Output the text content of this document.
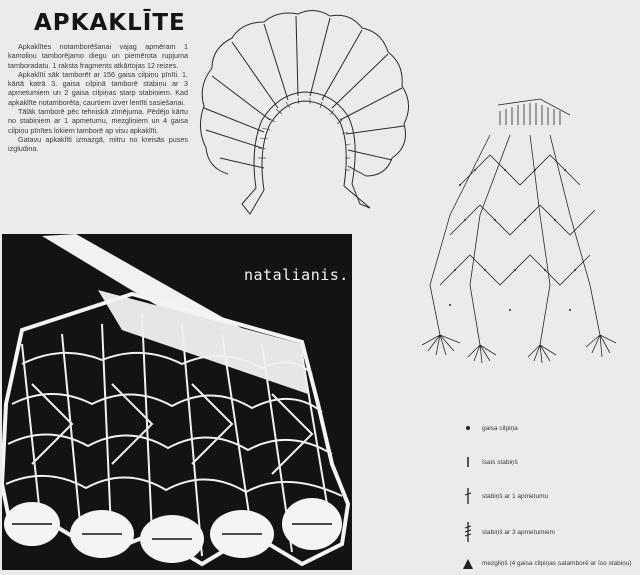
APKAKLĪTE

Apkaklītes notamborēšanai vajag apmēram 1 kamoliņu tamborējamo diegu un piemērota rupjuma tamboradatu. 1 raksta fragments atkārtojas 12 reizes.

Apkaklīti sāk tamborēt ar 156 gaisa cilpiņu pīnīti. 1. kārtā katrā 3. gaisa cilpiņā tamborē stabiņu ar 3 apmetumiem un 2 gaisa cilpiņas starp stabiņiem. Kad apkaklīte notamborēta, caurtiem izver lentīti sasiešanai.

Tālāk tamborē pēc tehniskā zīmējuma. Pēdējo kārtu no stabiņiem ar 1 apmetumu, mezgliņiem un 4 gaisa cilpiņu pīnītes lokiem tamborē ap visu apkaklīti.

Gatavu apkaklīti izmazgā, mitru no kreisās puses izgludina.

natalianis.
gaisa cilpiņa
īsais stabiņš
stabiņš ar 1 apmetumu
stabiņš ar 3 apmetumiem
mezgliņš (4 gaisa cilpiņas satamborē ar īso stabiņu)
